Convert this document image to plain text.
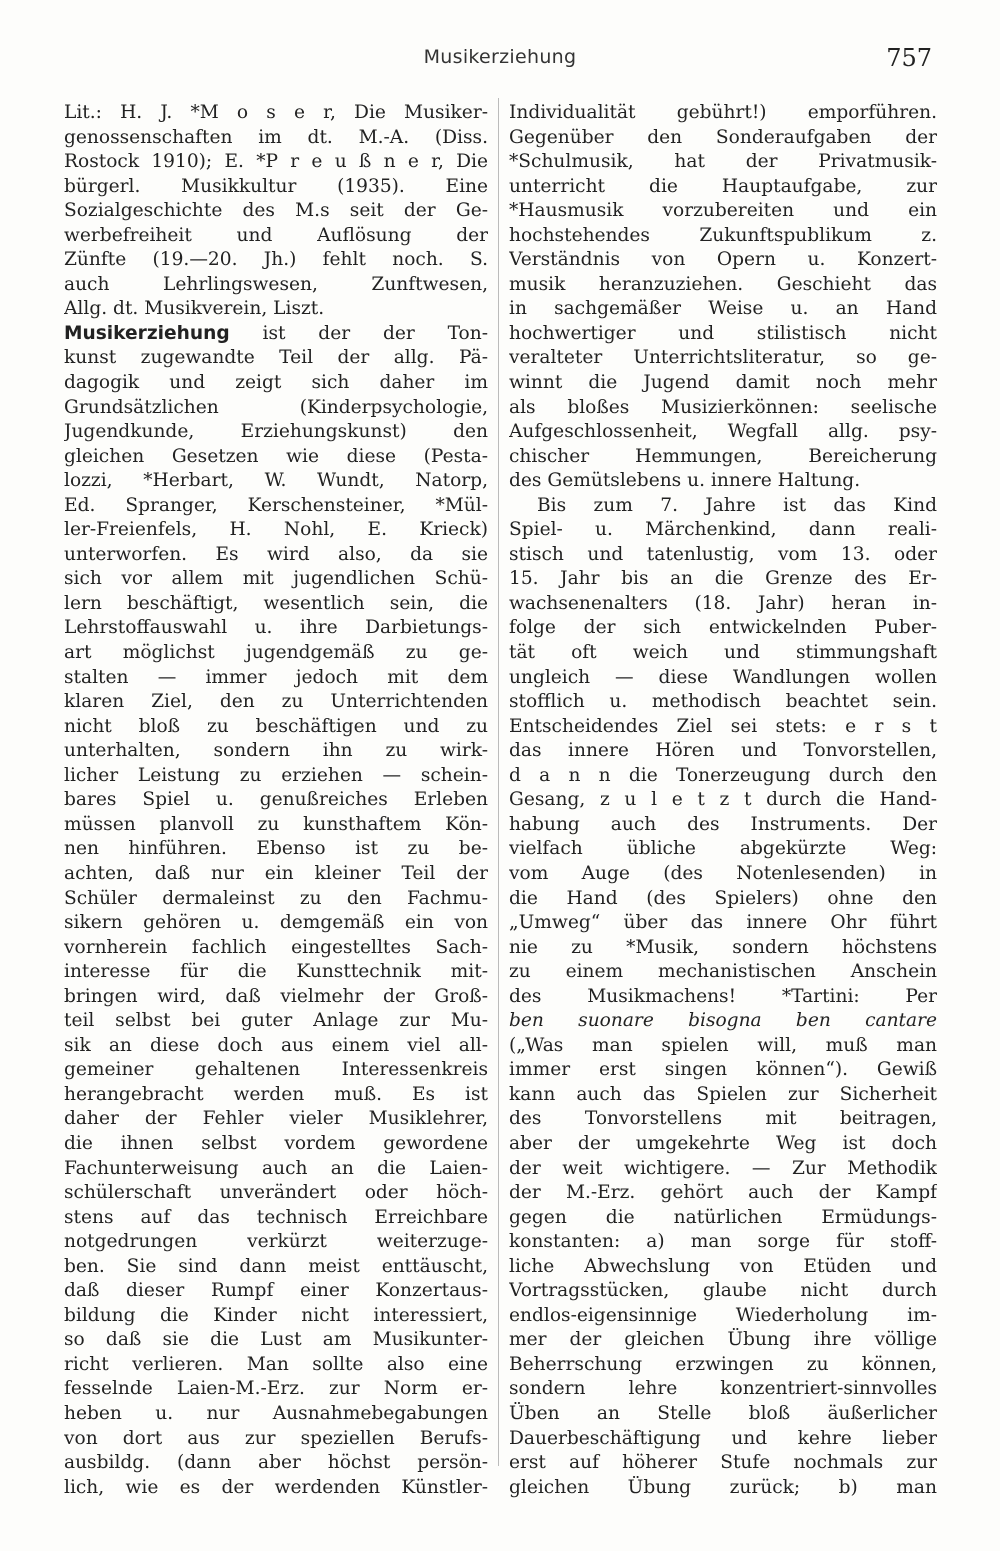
Musikerziehung	757
Lit.: H. J. *M o s e r, Die Musiker-
genossenschaften im dt. M.-A. (Diss.
Rostock 1910); E. *P r e u ß n e r, Die
bürgerl. Musikkultur (1935). Eine
Sozialgeschichte des M.s seit der Ge-
werbefreiheit und Auflösung der
Zünfte (19.—20. Jh.) fehlt noch. S.
auch Lehrlingswesen, Zunftwesen,
Allg. dt. Musikverein, Liszt.
Musikerziehung ist der der Ton-
kunst zugewandte Teil der allg. Pä-
dagogik und zeigt sich daher im
Grundsätzlichen (Kinderpsychologie,
Jugendkunde, Erziehungskunst) den
gleichen Gesetzen wie diese (Pesta-
lozzi, *Herbart, W. Wundt, Natorp,
Ed. Spranger, Kerschensteiner, *Mül-
ler-Freienfels, H. Nohl, E. Krieck)
unterworfen. Es wird also, da sie
sich vor allem mit jugendlichen Schü-
lern beschäftigt, wesentlich sein, die
Lehrstoffauswahl u. ihre Darbietungs-
art möglichst jugendgemäß zu ge-
stalten — immer jedoch mit dem
klaren Ziel, den zu Unterrichtenden
nicht bloß zu beschäftigen und zu
unterhalten, sondern ihn zu wirk-
licher Leistung zu erziehen — schein-
bares Spiel u. genußreiches Erleben
müssen planvoll zu kunsthaftem Kön-
nen hinführen. Ebenso ist zu be-
achten, daß nur ein kleiner Teil der
Schüler dermaleinst zu den Fachmu-
sikern gehören u. demgemäß ein von
vornherein fachlich eingestelltes Sach-
interesse für die Kunsttechnik mit-
bringen wird, daß vielmehr der Groß-
teil selbst bei guter Anlage zur Mu-
sik an diese doch aus einem viel all-
gemeiner gehaltenen Interessenkreis
herangebracht werden muß. Es ist
daher der Fehler vieler Musiklehrer,
die ihnen selbst vordem gewordene
Fachunterweisung auch an die Laien-
schülerschaft unverändert oder höch-
stens auf das technisch Erreichbare
notgedrungen verkürzt weiterzuge-
ben. Sie sind dann meist enttäuscht,
daß dieser Rumpf einer Konzertaus-
bildung die Kinder nicht interessiert,
so daß sie die Lust am Musikunter-
richt verlieren. Man sollte also eine
fesselnde Laien-M.-Erz. zur Norm er-
heben u. nur Ausnahmebegabungen
von dort aus zur speziellen Berufs-
ausbildg. (dann aber höchst persön-
lich, wie es der werdenden Künstler-
Individualität gebührt!) emporführen.
Gegenüber den Sonderaufgaben der
*Schulmusik, hat der Privatmusik-
unterricht die Hauptaufgabe, zur
*Hausmusik vorzubereiten und ein
hochstehendes Zukunftspublikum z.
Verständnis von Opern u. Konzert-
musik heranzuziehen. Geschieht das
in sachgemäßer Weise u. an Hand
hochwertiger und stilistisch nicht
veralteter Unterrichtsliteratur, so ge-
winnt die Jugend damit noch mehr
als bloßes Musizierkönnen: seelische
Aufgeschlossenheit, Wegfall allg. psy-
chischer Hemmungen, Bereicherung
des Gemütslebens u. innere Haltung.
Bis zum 7. Jahre ist das Kind
Spiel- u. Märchenkind, dann reali-
stisch und tatenlustig, vom 13. oder
15. Jahr bis an die Grenze des Er-
wachsenenalters (18. Jahr) heran in-
folge der sich entwickelnden Puber-
tät oft weich und stimmungshaft
ungleich — diese Wandlungen wollen
stofflich u. methodisch beachtet sein.
Entscheidendes Ziel sei stets: e r s t
das innere Hören und Tonvorstellen,
d a n n die Tonerzeugung durch den
Gesang, z u l e t z t durch die Hand-
habung auch des Instruments. Der
vielfach übliche abgekürzte Weg:
vom Auge (des Notenlesenden) in
die Hand (des Spielers) ohne den
„Umweg“ über das innere Ohr führt
nie zu *Musik, sondern höchstens
zu einem mechanistischen Anschein
des Musikmachens! *Tartini: Per
ben suonare bisogna ben cantare
(„Was man spielen will, muß man
immer erst singen können“). Gewiß
kann auch das Spielen zur Sicherheit
des Tonvorstellens mit beitragen,
aber der umgekehrte Weg ist doch
der weit wichtigere. — Zur Methodik
der M.-Erz. gehört auch der Kampf
gegen die natürlichen Ermüdungs-
konstanten: a) man sorge für stoff-
liche Abwechslung von Etüden und
Vortragsstücken, glaube nicht durch
endlos-eigensinnige Wiederholung im-
mer der gleichen Übung ihre völlige
Beherrschung erzwingen zu können,
sondern lehre konzentriert-sinnvolles
Üben an Stelle bloß äußerlicher
Dauerbeschäftigung und kehre lieber
erst auf höherer Stufe nochmals zur
gleichen Übung zurück; b) man
